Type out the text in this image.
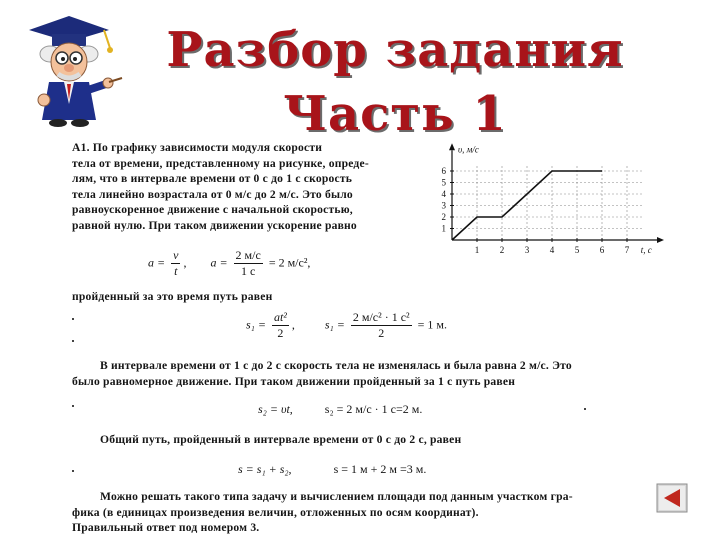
Разбор задания
Часть 1
А1. По графику зависимости модуля скорости
тела от времени, представленному на рисунке, опреде-
лям, что в интервале времени от 0 с до 1 с скорость
тела линейно возрастала от 0 м/с до 2 м/с. Это было
равноускоренное движение с начальной скоростью,
равной нулю. При таком движении ускорение равно
$a = \frac{v}{t}$ , $a = \frac{2 м/с}{1 с} = 2$ м/с²,
пройденный за это время путь равен
$s_1 = \frac{\text{at²}}{2}$ ,	$s_1 = \frac{\text{2 м/с² · 1 с²}}{2} = 1$ м.
В интервале времени от 1 с до 2 с скорость тела не изменялась и была равна 2 м/с. Это
было равномерное движение. При таком движении пройденный за 1 с путь равен
s₂ = υt,	s₂ = 2 м/с · 1 с=2 м.
Общий путь, пройденный в интервале времени от 0 с до 2 с, равен
s = s₁ + s₂,	s = 1 м + 2 м =3 м.
Можно решать такого типа задачу и вычислением площади под данным участком гра-
фика (в единицах произведения величин, отложенных по осям координат).
Правильный ответ под номером 3.
1 2 3 4 5 6 7
1
2
3
4
5
6
υ, м/с
t, с
